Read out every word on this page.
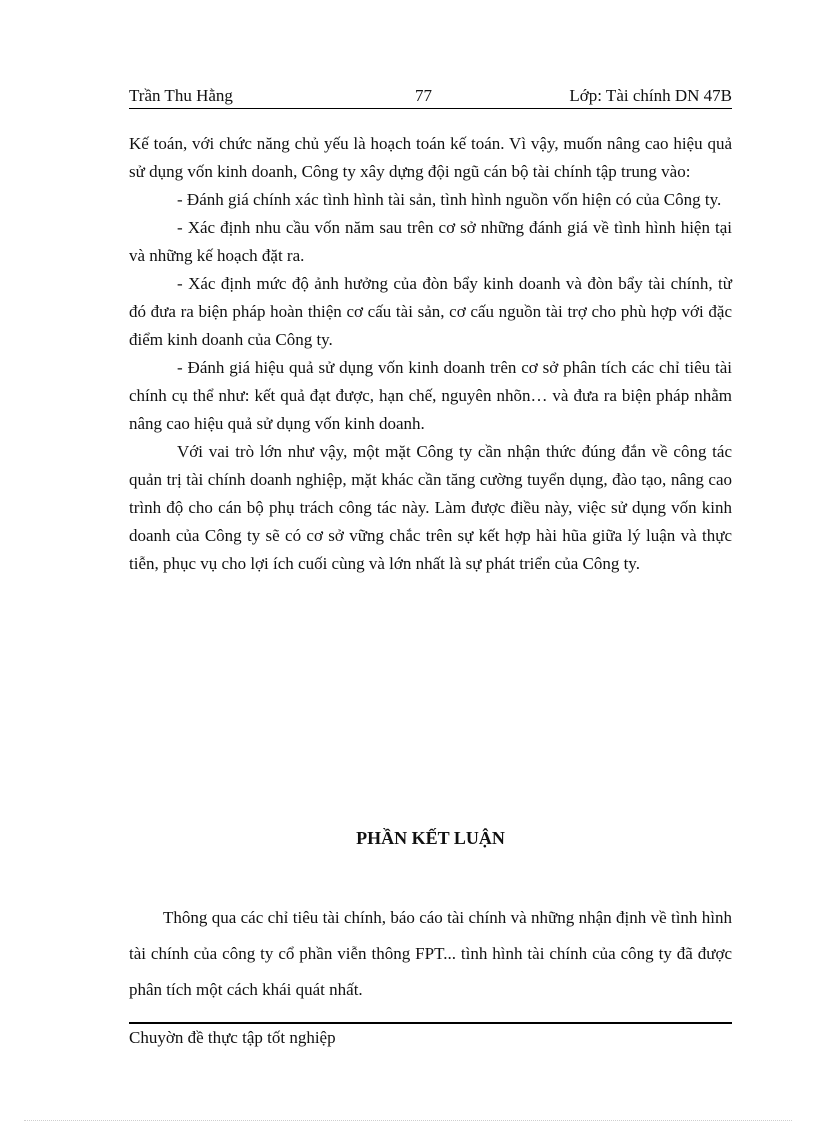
Trần Thu Hằng	77	Lớp: Tài chính DN 47B

Kế toán, với chức năng chủ yếu là hoạch toán kế toán. Vì vậy, muốn nâng cao hiệu quả sử dụng vốn kinh doanh, Công ty xây dựng đội ngũ cán bộ tài chính tập trung vào:

- Đánh giá chính xác tình hình tài sản, tình hình nguồn vốn hiện có của Công ty.

- Xác định nhu cầu vốn năm sau trên cơ sở những đánh giá về tình hình hiện tại và những kế hoạch đặt ra.

- Xác định mức độ ảnh hưởng của đòn bẩy kinh doanh và đòn bẩy tài chính, từ đó đưa ra biện pháp hoàn thiện cơ cấu tài sản, cơ cấu nguồn tài trợ cho phù hợp với đặc điểm kinh doanh của Công ty.

- Đánh giá hiệu quả sử dụng vốn kinh doanh trên cơ sở phân tích các chỉ tiêu tài chính cụ thể như: kết quả đạt được, hạn chế, nguyên nhõn… và đưa ra biện pháp nhằm nâng cao hiệu quả sử dụng vốn kinh doanh.

Với vai trò lớn như vậy, một mặt Công ty cần nhận thức đúng đắn về công tác quản trị tài chính doanh nghiệp, mặt khác cần tăng cường tuyển dụng, đào tạo, nâng cao trình độ cho cán bộ phụ trách công tác này. Làm được điều này, việc sử dụng vốn kinh doanh của Công ty sẽ có cơ sở vững chắc trên sự kết hợp hài hũa giữa lý luận và thực tiễn, phục vụ cho lợi ích cuối cùng và lớn nhất là sự phát triển của Công ty.

PHẦN KẾT LUẬN

Thông qua các chỉ tiêu tài chính, báo cáo tài chính và những nhận định về tình hình tài chính của công ty cổ phần viễn thông FPT... tình hình tài chính của công ty đã được phân tích một cách khái quát nhất.

Chuyờn đề thực tập tốt nghiệp
